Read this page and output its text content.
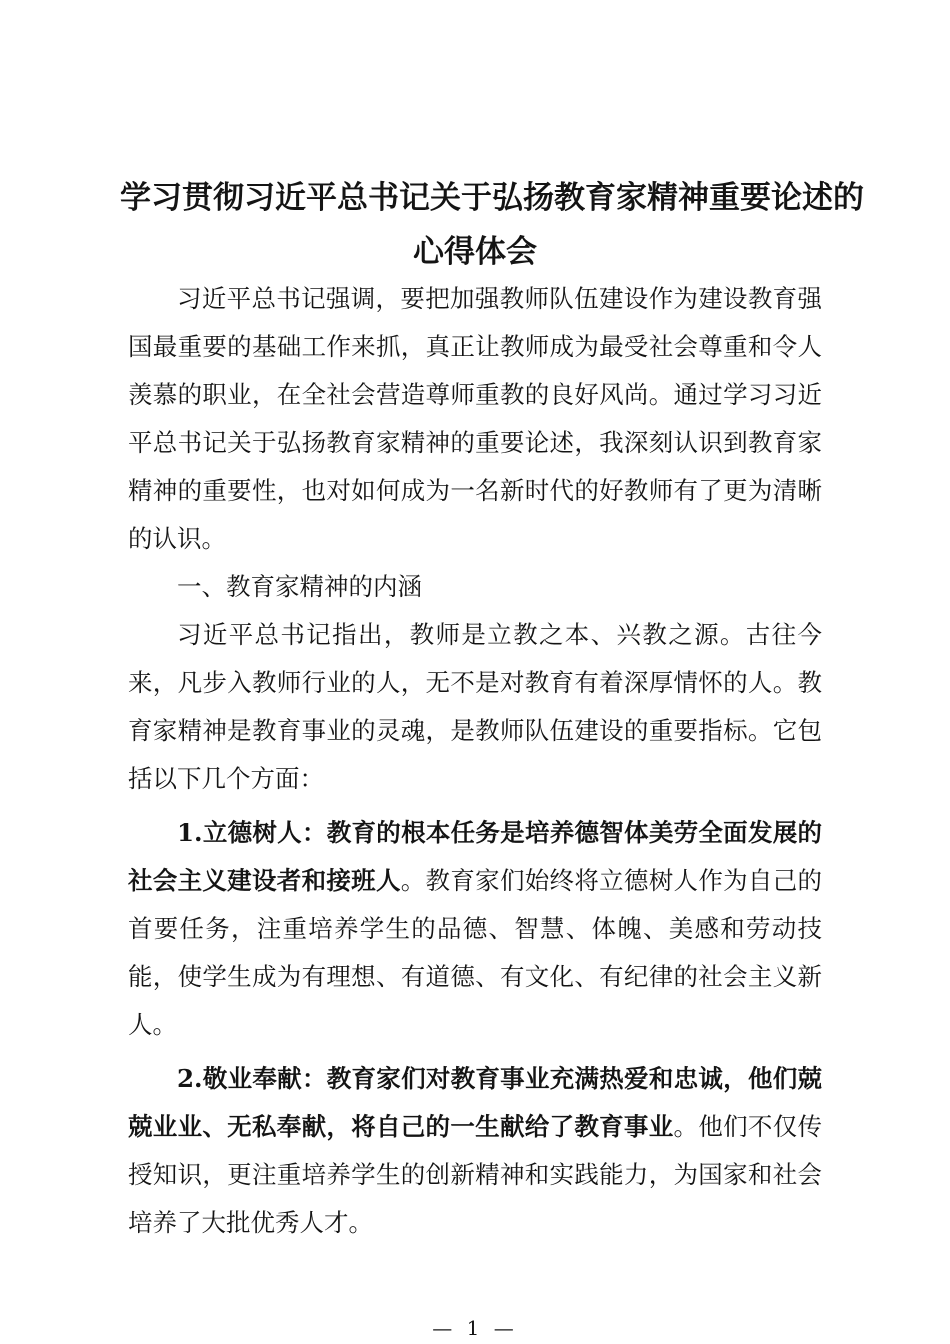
学习贯彻习近平总书记关于弘扬教育家精神重要论述的
心得体会

习近平总书记强调，要把加强教师队伍建设作为建设教育强国最重要的基础工作来抓，真正让教师成为最受社会尊重和令人羡慕的职业，在全社会营造尊师重教的良好风尚。通过学习习近平总书记关于弘扬教育家精神的重要论述，我深刻认识到教育家精神的重要性，也对如何成为一名新时代的好教师有了更为清晰的认识。

一、教育家精神的内涵

习近平总书记指出，教师是立教之本、兴教之源。古往今来，凡步入教师行业的人，无不是对教育有着深厚情怀的人。教育家精神是教育事业的灵魂，是教师队伍建设的重要指标。它包括以下几个方面：

1.立德树人：教育的根本任务是培养德智体美劳全面发展的社会主义建设者和接班人。教育家们始终将立德树人作为自己的首要任务，注重培养学生的品德、智慧、体魄、美感和劳动技能，使学生成为有理想、有道德、有文化、有纪律的社会主义新人。

2.敬业奉献：教育家们对教育事业充满热爱和忠诚，他们兢兢业业、无私奉献，将自己的一生献给了教育事业。他们不仅传授知识，更注重培养学生的创新精神和实践能力，为国家和社会培养了大批优秀人才。

— 1 —
